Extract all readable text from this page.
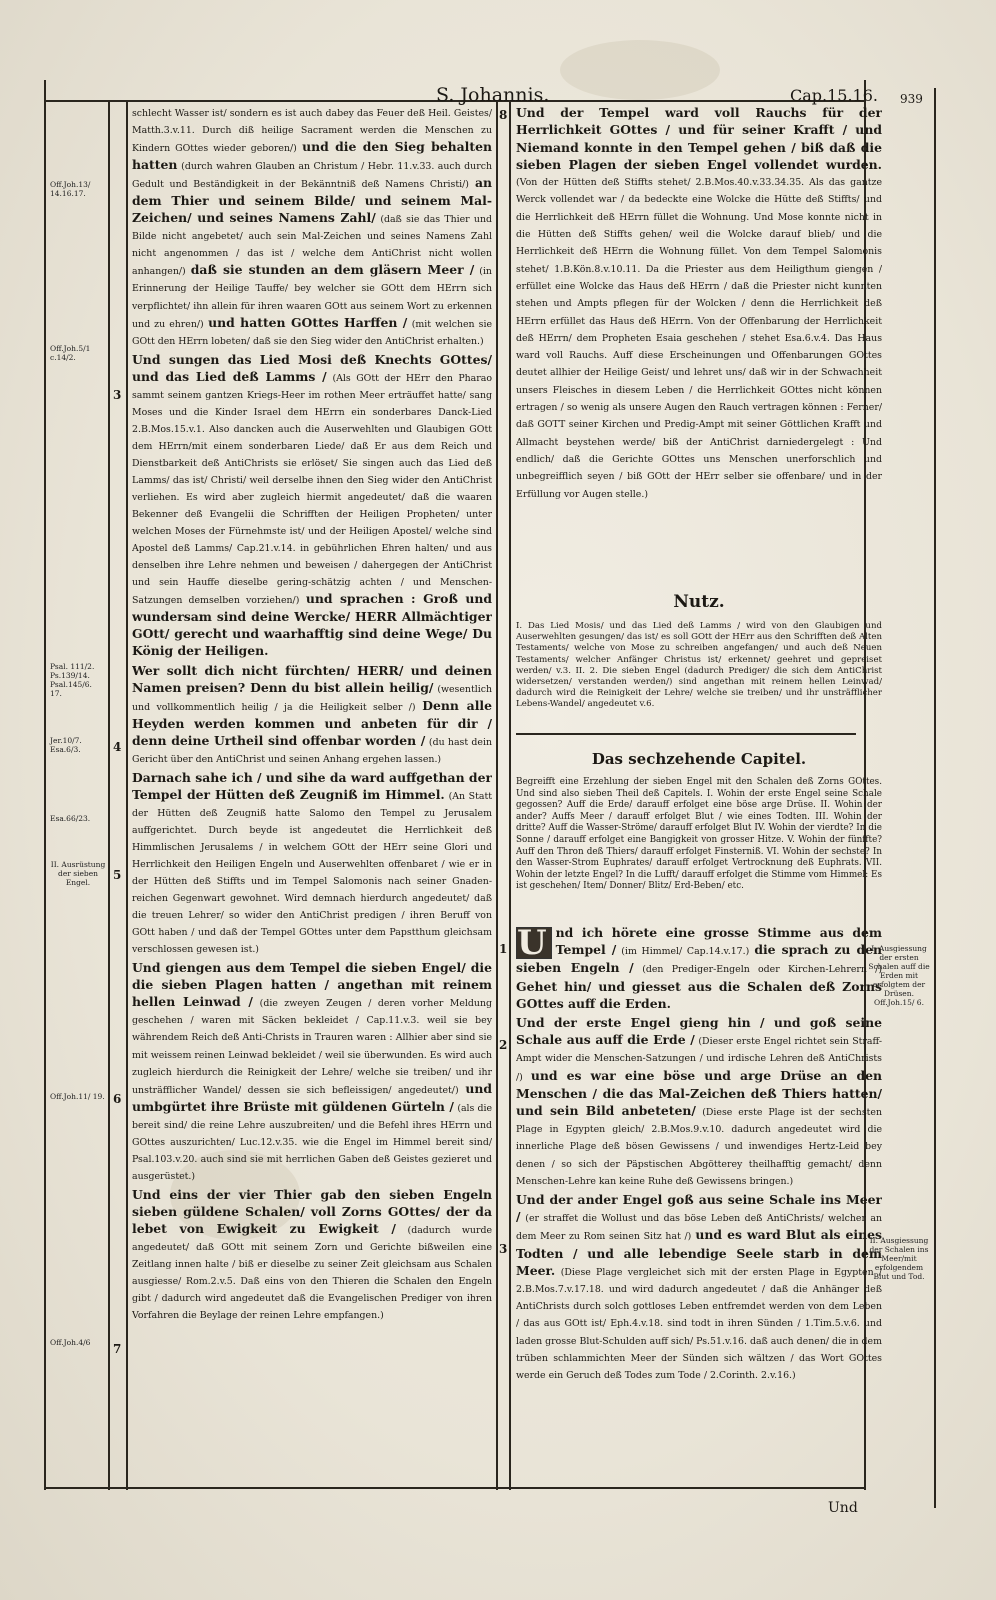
S. Johannis.	Cap.15.16. 939
Off.Joh.13/ 14.16.17.
Off.Joh.5/1 c.14/2.
Psal. 111/2. Ps.139/14. Psal.145/6. 17.
Jer.10/7. Esa.6/3.
Esa.66/23.
II. Ausrüstung der sieben Engel.
Off.Joh.11/ 19.
Off.Joh.4/6
3
4
5
6
7
8
1
2
3
I. Ausgiessung der ersten Schalen auff die Erden mit erfolgtem der Drüsen. Off.Joh.15/ 6.
II. Ausgiessung der Schalen ins Meer/mit erfolgendem Blut und Tod.

schlecht Wasser ist/ sondern es ist auch dabey das Feuer deß Heil. Geistes/ Matth.3.v.11. Durch diß heilige Sacrament werden die Menschen zu Kindern GOttes wieder geboren/) und die den Sieg behalten hatten (durch wahren Glauben an Christum / Hebr. 11.v.33. auch durch Gedult und Beständigkeit in der Bekänntniß deß Namens Christi/) an dem Thier und seinem Bilde/ und seinem Mal-Zeichen/ und seines Namens Zahl/ (daß sie das Thier und Bilde nicht angebetet/ auch sein Mal-Zeichen und seines Namens Zahl nicht angenommen / das ist / welche dem AntiChrist nicht wollen anhangen/) daß sie stunden an dem gläsern Meer / (in Erinnerung der Heilige Tauffe/ bey welcher sie GOtt dem HErrn sich verpflichtet/ ihn allein für ihren waaren GOtt aus seinem Wort zu erkennen und zu ehren/) und hatten GOttes Harffen / (mit welchen sie GOtt den HErrn lobeten/ daß sie den Sieg wider den AntiChrist erhalten.)

Und sungen das Lied Mosi deß Knechts GOttes/ und das Lied deß Lamms / (Als GOtt der HErr den Pharao sammt seinem gantzen Kriegs-Heer im rothen Meer erträuffet hatte/ sang Moses und die Kinder Israel dem HErrn ein sonderbares Danck-Lied 2.B.Mos.15.v.1. Also dancken auch die Auserwehlten und Glaubigen GOtt dem HErrn/mit einem sonderbaren Liede/ daß Er aus dem Reich und Dienstbarkeit deß AntiChrists sie erlöset/ Sie singen auch das Lied deß Lamms/ das ist/ Christi/ weil derselbe ihnen den Sieg wider den AntiChrist verliehen. Es wird aber zugleich hiermit angedeutet/ daß die waaren Bekenner deß Evangelii die Schrifften der Heiligen Propheten/ unter welchen Moses der Fürnehmste ist/ und der Heiligen Apostel/ welche sind Apostel deß Lamms/ Cap.21.v.14. in gebührlichen Ehren halten/ und aus denselben ihre Lehre nehmen und beweisen / dahergegen der AntiChrist und sein Hauffe dieselbe gering-schätzig achten / und Menschen-Satzungen demselben vorziehen/) und sprachen : Groß und wundersam sind deine Wercke/ HERR Allmächtiger GOtt/ gerecht und waarhafftig sind deine Wege/ Du König der Heiligen.

Wer sollt dich nicht fürchten/ HERR/ und deinen Namen preisen? Denn du bist allein heilig/ (wesentlich und vollkommentlich heilig / ja die Heiligkeit selber /) Denn alle Heyden werden kommen und anbeten für dir / denn deine Urtheil sind offenbar worden / (du hast dein Gericht über den AntiChrist und seinen Anhang ergehen lassen.)

Darnach sahe ich / und sihe da ward auffgethan der Tempel der Hütten deß Zeugniß im Himmel. (An Statt der Hütten deß Zeugniß hatte Salomo den Tempel zu Jerusalem auffgerichtet. Durch beyde ist angedeutet die Herrlichkeit deß Himmlischen Jerusalems / in welchem GOtt der HErr seine Glori und Herrlichkeit den Heiligen Engeln und Auserwehlten offenbaret / wie er in der Hütten deß Stiffts und im Tempel Salomonis nach seiner Gnaden-reichen Gegenwart gewohnet. Wird demnach hierdurch angedeutet/ daß die treuen Lehrer/ so wider den AntiChrist predigen / ihren Beruff von GOtt haben / und daß der Tempel GOttes unter dem Papstthum gleichsam verschlossen gewesen ist.)

Und giengen aus dem Tempel die sieben Engel/ die die sieben Plagen hatten / angethan mit reinem hellen Leinwad / (die zweyen Zeugen / deren vorher Meldung geschehen / waren mit Säcken bekleidet / Cap.11.v.3. weil sie bey währendem Reich deß Anti-Christs in Trauren waren : Allhier aber sind sie mit weissem reinen Leinwad bekleidet / weil sie überwunden. Es wird auch zugleich hierdurch die Reinigkeit der Lehre/ welche sie treiben/ und ihr unsträfflicher Wandel/ dessen sie sich befleissigen/ angedeutet/) und umbgürtet ihre Brüste mit güldenen Gürteln / (als die bereit sind/ die reine Lehre auszubreiten/ und die Befehl ihres HErrn und GOttes auszurichten/ Luc.12.v.35. wie die Engel im Himmel bereit sind/ Psal.103.v.20. auch sind sie mit herrlichen Gaben deß Geistes gezieret und ausgerüstet.)

Und eins der vier Thier gab den sieben Engeln sieben güldene Schalen/ voll Zorns GOttes/ der da lebet von Ewigkeit zu Ewigkeit / (dadurch wurde angedeutet/ daß GOtt mit seinem Zorn und Gerichte bißweilen eine Zeitlang innen halte / biß er dieselbe zu seiner Zeit gleichsam aus Schalen ausgiesse/ Rom.2.v.5. Daß eins von den Thieren die Schalen den Engeln gibt / dadurch wird angedeutet daß die Evangelischen Prediger von ihren Vorfahren die Beylage der reinen Lehre empfangen.)

Und der Tempel ward voll Rauchs für der Herrlichkeit GOttes / und für seiner Krafft / und Niemand konnte in den Tempel gehen / biß daß die sieben Plagen der sieben Engel vollendet wurden. (Von der Hütten deß Stiffts stehet/ 2.B.Mos.40.v.33.34.35. Als das gantze Werck vollendet war / da bedeckte eine Wolcke die Hütte deß Stiffts/ und die Herrlichkeit deß HErrn füllet die Wohnung. Und Mose konnte nicht in die Hütten deß Stiffts gehen/ weil die Wolcke darauf blieb/ und die Herrlichkeit deß HErrn die Wohnung füllet. Von dem Tempel Salomonis stehet/ 1.B.Kön.8.v.10.11. Da die Priester aus dem Heiligthum giengen / erfüllet eine Wolcke das Haus deß HErrn / daß die Priester nicht kunnten stehen und Ampts pflegen für der Wolcken / denn die Herrlichkeit deß HErrn erfüllet das Haus deß HErrn. Von der Offenbarung der Herrlichkeit deß HErrn/ dem Propheten Esaia geschehen / stehet Esa.6.v.4. Das Haus ward voll Rauchs. Auff diese Erscheinungen und Offenbarungen GOttes deutet allhier der Heilige Geist/ und lehret uns/ daß wir in der Schwachheit unsers Fleisches in diesem Leben / die Herrlichkeit GOttes nicht können ertragen / so wenig als unsere Augen den Rauch vertragen können : Ferner/ daß GOTT seiner Kirchen und Predig-Ampt mit seiner Göttlichen Krafft und Allmacht beystehen werde/ biß der AntiChrist darniedergelegt : Und endlich/ daß die Gerichte GOttes uns Menschen unerforschlich und unbegreifflich seyen / biß GOtt der HErr selber sie offenbare/ und in der Erfüllung vor Augen stelle.)

Nutz.

I. Das Lied Mosis/ und das Lied deß Lamms / wird von den Glaubigen und Auserwehlten gesungen/ das ist/ es soll GOtt der HErr aus den Schrifften deß Alten Testaments/ welche von Mose zu schreiben angefangen/ und auch deß Neuen Testaments/ welcher Anfänger Christus ist/ erkennet/ geehret und gepreiset werden/ v.3. II. 2. Die sieben Engel (dadurch Prediger/ die sich dem AntiChrist widersetzen/ verstanden werden/) sind angethan mit reinem hellen Leinwad/ dadurch wird die Reinigkeit der Lehre/ welche sie treiben/ und ihr unsträfflicher Lebens-Wandel/ angedeutet v.6.

Das sechzehende Capitel.

Begreifft eine Erzehlung der sieben Engel mit den Schalen deß Zorns GOttes. Und sind also sieben Theil deß Capitels. I. Wohin der erste Engel seine Schale gegossen? Auff die Erde/ darauff erfolget eine böse arge Drüse. II. Wohin der ander? Auffs Meer / darauff erfolget Blut / wie eines Todten. III. Wohin der dritte? Auff die Wasser-Ströme/ darauff erfolget Blut IV. Wohin der vierdte? In die Sonne / darauff erfolget eine Bangigkeit von grosser Hitze. V. Wohin der fünffte? Auff den Thron deß Thiers/ darauff erfolget Finsterniß. VI. Wohin der sechste? In den Wasser-Strom Euphrates/ darauff erfolget Vertrocknung deß Euphrats. VII. Wohin der letzte Engel? In die Lufft/ darauff erfolget die Stimme vom Himmel: Es ist geschehen/ Item/ Donner/ Blitz/ Erd-Beben/ etc.

U nd ich hörete eine grosse Stimme aus dem Tempel / (im Himmel/ Cap.14.v.17.) die sprach zu den sieben Engeln / (den Prediger-Engeln oder Kirchen-Lehrern /) Gehet hin/ und giesset aus die Schalen deß Zorns GOttes auff die Erden.

Und der erste Engel gieng hin / und goß seine Schale aus auff die Erde / (Dieser erste Engel richtet sein Straff-Ampt wider die Menschen-Satzungen / und irdische Lehren deß AntiChrists /) und es war eine böse und arge Drüse an den Menschen / die das Mal-Zeichen deß Thiers hatten/ und sein Bild anbeteten/ (Diese erste Plage ist der sechsten Plage in Egypten gleich/ 2.B.Mos.9.v.10. dadurch angedeutet wird die innerliche Plage deß bösen Gewissens / und inwendiges Hertz-Leid bey denen / so sich der Päpstischen Abgötterey theilhafftig gemacht/ denn Menschen-Lehre kan keine Ruhe deß Gewissens bringen.)

Und der ander Engel goß aus seine Schale ins Meer / (er straffet die Wollust und das böse Leben deß AntiChrists/ welcher an dem Meer zu Rom seinen Sitz hat /) und es ward Blut als eines Todten / und alle lebendige Seele starb in dem Meer. (Diese Plage vergleichet sich mit der ersten Plage in Egypten / 2.B.Mos.7.v.17.18. und wird dadurch angedeutet / daß die Anhänger deß AntiChrists durch solch gottloses Leben entfremdet werden von dem Leben / das aus GOtt ist/ Eph.4.v.18. sind todt in ihren Sünden / 1.Tim.5.v.6. und laden grosse Blut-Schulden auff sich/ Ps.51.v.16. daß auch denen/ die in dem trüben schlammichten Meer der Sünden sich wältzen / das Wort GOttes werde ein Geruch deß Todes zum Tode / 2.Corinth. 2.v.16.)

Und
